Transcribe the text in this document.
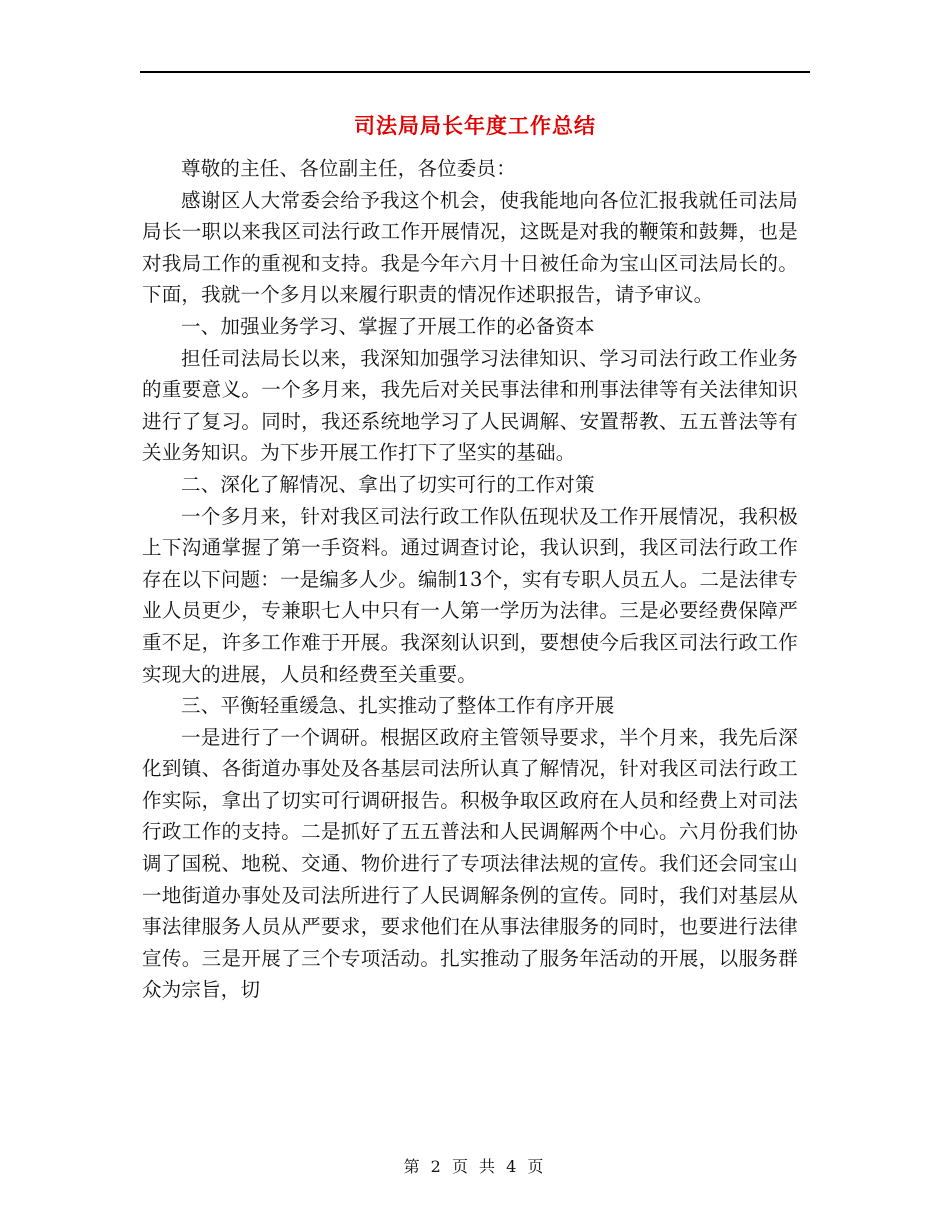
司法局局长年度工作总结

尊敬的主任、各位副主任，各位委员：

感谢区人大常委会给予我这个机会，使我能地向各位汇报我就任司法局局长一职以来我区司法行政工作开展情况，这既是对我的鞭策和鼓舞，也是对我局工作的重视和支持。我是今年六月十日被任命为宝山区司法局长的。下面，我就一个多月以来履行职责的情况作述职报告，请予审议。

一、加强业务学习、掌握了开展工作的必备资本

担任司法局长以来，我深知加强学习法律知识、学习司法行政工作业务的重要意义。一个多月来，我先后对关民事法律和刑事法律等有关法律知识进行了复习。同时，我还系统地学习了人民调解、安置帮教、五五普法等有关业务知识。为下步开展工作打下了坚实的基础。

二、深化了解情况、拿出了切实可行的工作对策

一个多月来，针对我区司法行政工作队伍现状及工作开展情况，我积极上下沟通掌握了第一手资料。通过调查讨论，我认识到，我区司法行政工作存在以下问题：一是编多人少。编制13个，实有专职人员五人。二是法律专业人员更少，专兼职七人中只有一人第一学历为法律。三是必要经费保障严重不足，许多工作难于开展。我深刻认识到，要想使今后我区司法行政工作实现大的进展，人员和经费至关重要。

三、平衡轻重缓急、扎实推动了整体工作有序开展

一是进行了一个调研。根据区政府主管领导要求，半个月来，我先后深化到镇、各街道办事处及各基层司法所认真了解情况，针对我区司法行政工作实际，拿出了切实可行调研报告。积极争取区政府在人员和经费上对司法行政工作的支持。二是抓好了五五普法和人民调解两个中心。六月份我们协调了国税、地税、交通、物价进行了专项法律法规的宣传。我们还会同宝山一地街道办事处及司法所进行了人民调解条例的宣传。同时，我们对基层从事法律服务人员从严要求，要求他们在从事法律服务的同时，也要进行法律宣传。三是开展了三个专项活动。扎实推动了服务年活动的开展，以服务群众为宗旨，切

第 2 页 共 4 页
